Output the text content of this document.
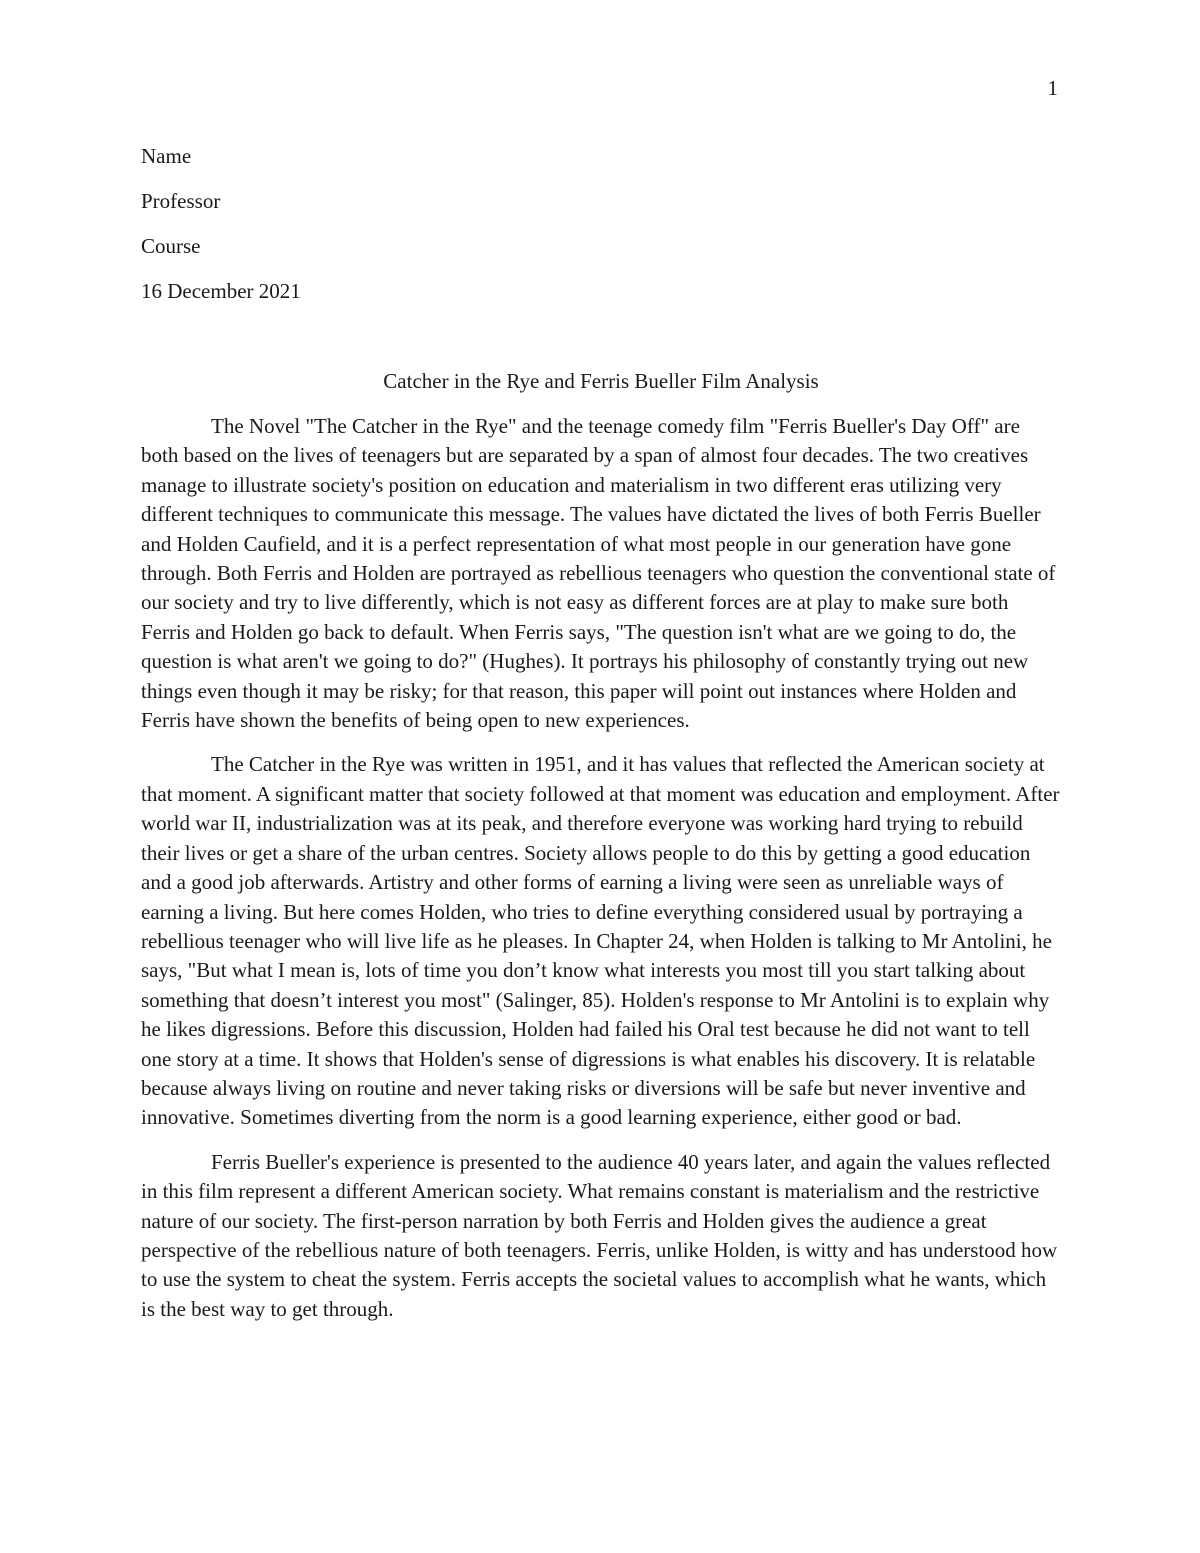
1
Name
Professor
Course
16 December 2021
Catcher in the Rye and Ferris Bueller Film Analysis

The Novel "The Catcher in the Rye" and the teenage comedy film "Ferris Bueller's Day Off" are both based on the lives of teenagers but are separated by a span of almost four decades. The two creatives manage to illustrate society's position on education and materialism in two different eras utilizing very different techniques to communicate this message. The values have dictated the lives of both Ferris Bueller and Holden Caufield, and it is a perfect representation of what most people in our generation have gone through. Both Ferris and Holden are portrayed as rebellious teenagers who question the conventional state of our society and try to live differently, which is not easy as different forces are at play to make sure both Ferris and Holden go back to default. When Ferris says, "The question isn't what are we going to do, the question is what aren't we going to do?" (Hughes). It portrays his philosophy of constantly trying out new things even though it may be risky; for that reason, this paper will point out instances where Holden and Ferris have shown the benefits of being open to new experiences.

The Catcher in the Rye was written in 1951, and it has values that reflected the American society at that moment. A significant matter that society followed at that moment was education and employment. After world war II, industrialization was at its peak, and therefore everyone was working hard trying to rebuild their lives or get a share of the urban centres. Society allows people to do this by getting a good education and a good job afterwards. Artistry and other forms of earning a living were seen as unreliable ways of earning a living. But here comes Holden, who tries to define everything considered usual by portraying a rebellious teenager who will live life as he pleases. In Chapter 24, when Holden is talking to Mr Antolini, he says, "But what I mean is, lots of time you don’t know what interests you most till you start talking about something that doesn’t interest you most" (Salinger, 85). Holden's response to Mr Antolini is to explain why he likes digressions. Before this discussion, Holden had failed his Oral test because he did not want to tell one story at a time. It shows that Holden's sense of digressions is what enables his discovery. It is relatable because always living on routine and never taking risks or diversions will be safe but never inventive and innovative. Sometimes diverting from the norm is a good learning experience, either good or bad.

Ferris Bueller's experience is presented to the audience 40 years later, and again the values reflected in this film represent a different American society. What remains constant is materialism and the restrictive nature of our society. The first-person narration by both Ferris and Holden gives the audience a great perspective of the rebellious nature of both teenagers. Ferris, unlike Holden, is witty and has understood how to use the system to cheat the system. Ferris accepts the societal values to accomplish what he wants, which is the best way to get through.
